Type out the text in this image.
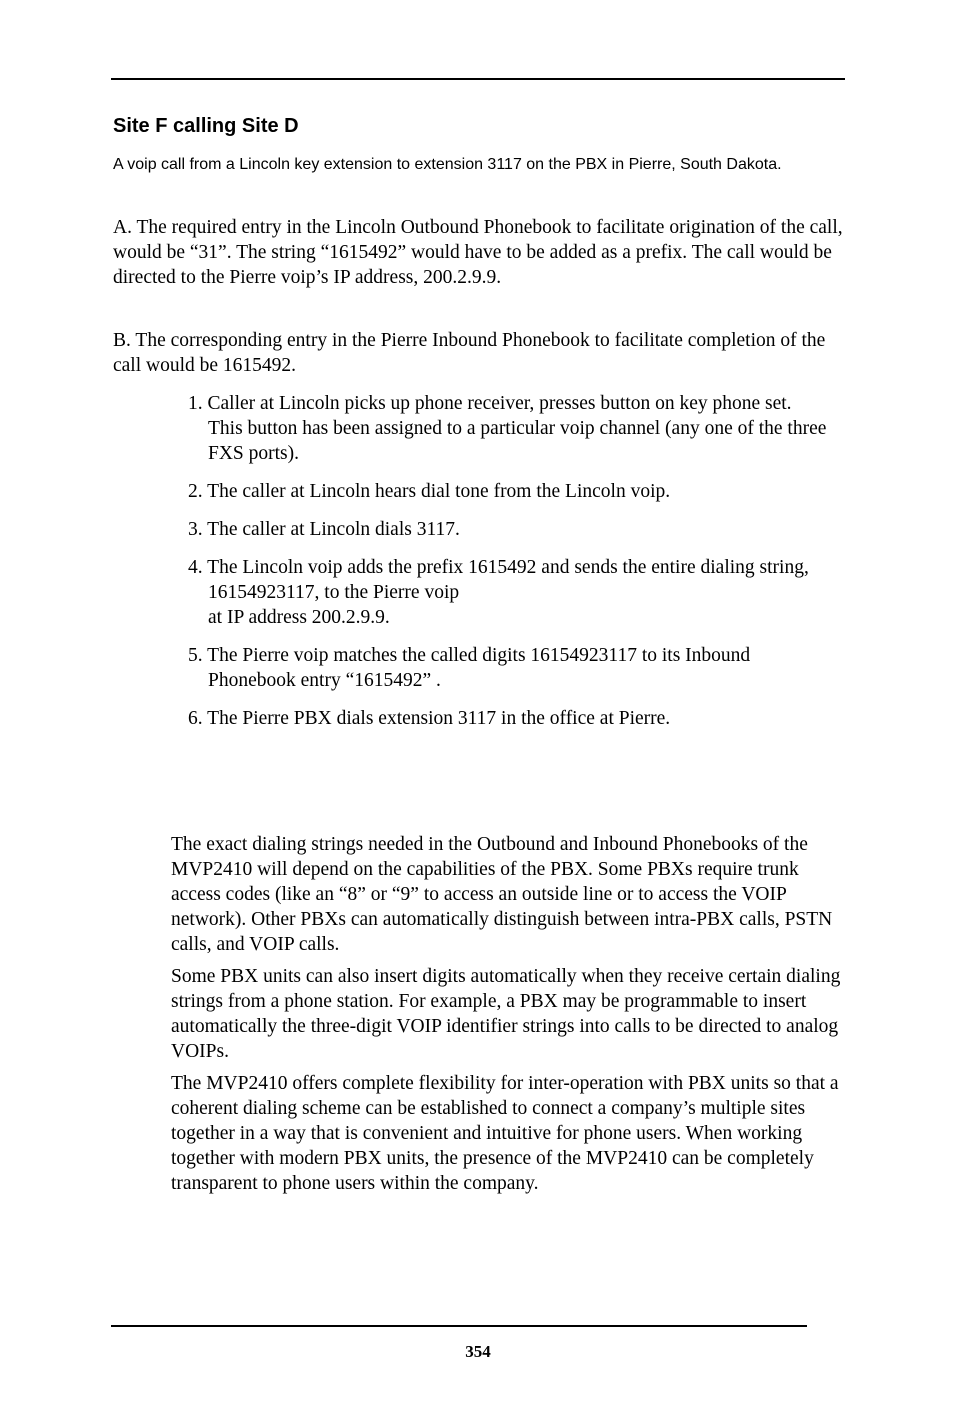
Site F calling Site D

A voip call from a Lincoln key extension to extension 3117 on the PBX in Pierre, South Dakota.

A. The required entry in the Lincoln Outbound Phonebook to facilitate origination of the call, would be “31”. The string “1615492” would have to be added as a prefix. The call would be directed to the Pierre voip’s IP address, 200.2.9.9.

B. The corresponding entry in the Pierre Inbound Phonebook to facilitate completion of the call would be 1615492.

1. Caller at Lincoln picks up phone receiver, presses button on key phone set. This button has been assigned to a particular voip channel (any one of the three FXS ports).
2. The caller at Lincoln hears dial tone from the Lincoln voip.
3. The caller at Lincoln dials 3117.
4. The Lincoln voip adds the prefix 1615492 and sends the entire dialing string, 16154923117, to the Pierre voip
at IP address 200.2.9.9.
5. The Pierre voip matches the called digits 16154923117 to its Inbound Phonebook entry “1615492” .
6. The Pierre PBX dials extension 3117 in the office at Pierre.

The exact dialing strings needed in the Outbound and Inbound Phonebooks of the MVP2410 will depend on the capabilities of the PBX. Some PBXs require trunk access codes (like an “8” or “9” to access an outside line or to access the VOIP network). Other PBXs can automatically distinguish between intra-PBX calls, PSTN calls, and VOIP calls.

Some PBX units can also insert digits automatically when they receive certain dialing strings from a phone station. For example, a PBX may be programmable to insert automatically the three-digit VOIP identifier strings into calls to be directed to analog VOIPs.

The MVP2410 offers complete flexibility for inter-operation with PBX units so that a coherent dialing scheme can be established to connect a company’s multiple sites together in a way that is convenient and intuitive for phone users. When working together with modern PBX units, the presence of the MVP2410 can be completely transparent to phone users within the company.

354
